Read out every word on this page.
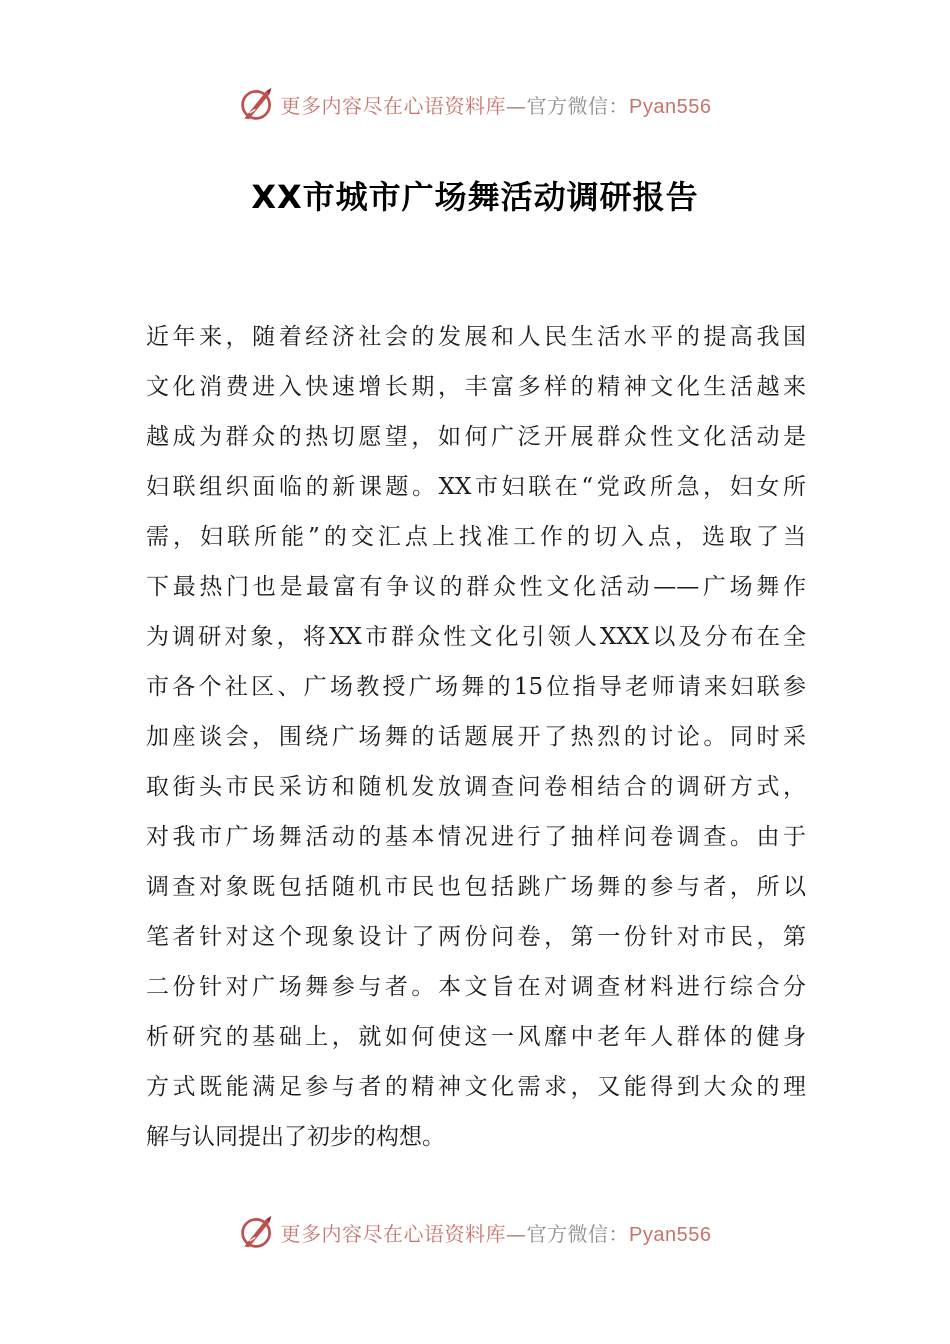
更多内容尽在心语资料库—官方微信：Pyan556
XX市城市广场舞活动调研报告
近年来，随着经济社会的发展和人民生活水平的提高我国
文化消费进入快速增长期，丰富多样的精神文化生活越来
越成为群众的热切愿望，如何广泛开展群众性文化活动是
妇联组织面临的新课题。XX市妇联在“党政所急，妇女所
需，妇联所能”的交汇点上找准工作的切入点，选取了当
下最热门也是最富有争议的群众性文化活动——广场舞作
为调研对象，将XX市群众性文化引领人XXX以及分布在全
市各个社区、广场教授广场舞的15位指导老师请来妇联参
加座谈会，围绕广场舞的话题展开了热烈的讨论。同时采
取街头市民采访和随机发放调查问卷相结合的调研方式，
对我市广场舞活动的基本情况进行了抽样问卷调查。由于
调查对象既包括随机市民也包括跳广场舞的参与者，所以
笔者针对这个现象设计了两份问卷，第一份针对市民，第
二份针对广场舞参与者。本文旨在对调查材料进行综合分
析研究的基础上，就如何使这一风靡中老年人群体的健身
方式既能满足参与者的精神文化需求，又能得到大众的理
解与认同提出了初步的构想。
更多内容尽在心语资料库—官方微信：Pyan556
